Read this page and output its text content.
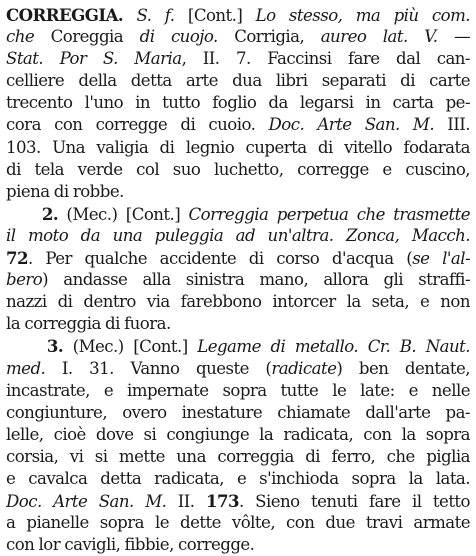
CORREGGIA. S. f. [Cont.] Lo stesso, ma più com.
che Coreggia di cuojo. Corrigia, aureo lat. V. —
Stat. Por S. Maria, II. 7. Faccinsi fare dal can-
celliere della detta arte dua libri separati di carte
trecento l'uno in tutto foglio da legarsi in carta pe-
cora con corregge di cuoio. Doc. Arte San. M. III.
103. Una valigia di legnio cuperta di vitello fodarata
di tela verde col suo luchetto, corregge e cuscino,
piena di robbe.
2. (Mec.) [Cont.] Correggia perpetua che trasmette
il moto da una puleggia ad un'altra. Zonca, Macch.
72. Per qualche accidente di corso d'acqua (se l'al-
bero) andasse alla sinistra mano, allora gli straffi-
nazzi di dentro via farebbono intorcer la seta, e non
la correggia di fuora.
3. (Mec.) [Cont.] Legame di metallo. Cr. B. Naut.
med. I. 31. Vanno queste (radicate) ben dentate,
incastrate, e impernate sopra tutte le late: e nelle
congiunture, overo inestature chiamate dall'arte pa-
lelle, cioè dove si congiunge la radicata, con la sopra
corsia, vi si mette una correggia di ferro, che piglia
e cavalca detta radicata, e s'inchioda sopra la lata.
Doc. Arte San. M. II. 173. Sieno tenuti fare il tetto
a pianelle sopra le dette vôlte, con due travi armate
con lor cavigli, fibbie, corregge.
